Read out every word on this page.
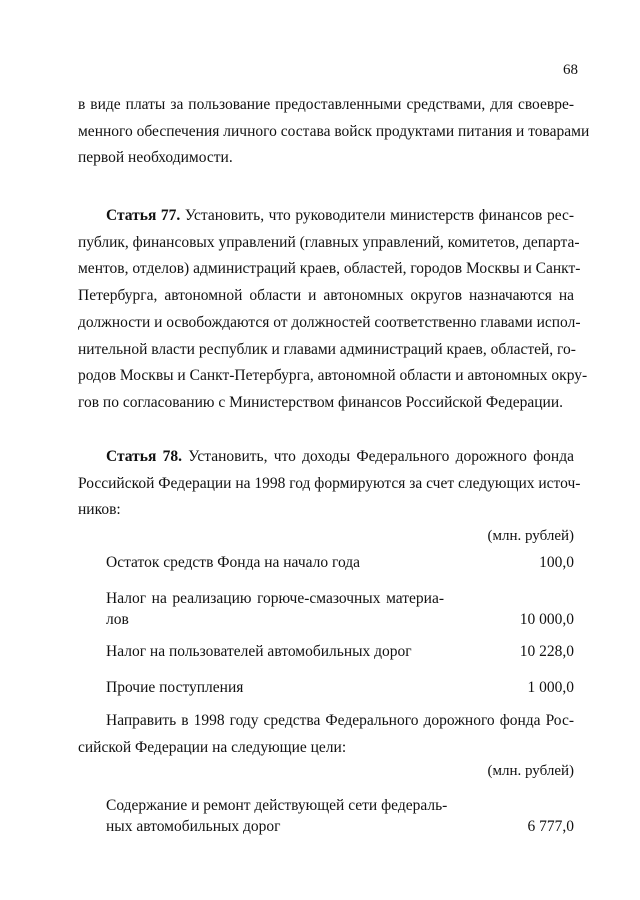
68
в виде платы за пользование предоставленными средствами, для своевре-
менного обеспечения личного состава войск продуктами питания и товарами
первой необходимости.
Статья 77. Установить, что руководители министерств финансов рес-
публик, финансовых управлений (главных управлений, комитетов, департа-
ментов, отделов) администраций краев, областей, городов Москвы и Санкт-
Петербурга, автономной области и автономных округов назначаются на
должности и освобождаются от должностей соответственно главами испол-
нительной власти республик и главами администраций краев, областей, го-
родов Москвы и Санкт-Петербурга, автономной области и автономных окру-
гов по согласованию с Министерством финансов Российской Федерации.
Статья 78. Установить, что доходы Федерального дорожного фонда
Российской Федерации на 1998 год формируются за счет следующих источ-
ников:
(млн. рублей)
Остаток средств Фонда на начало года	100,0
Налог на реализацию горюче-смазочных материа-
лов	10 000,0
Налог на пользователей автомобильных дорог	10 228,0
Прочие поступления	1 000,0
Направить в 1998 году средства Федерального дорожного фонда Рос-
сийской Федерации на следующие цели:
(млн. рублей)
Содержание и ремонт действующей сети федераль-
ных автомобильных дорог	6 777,0
